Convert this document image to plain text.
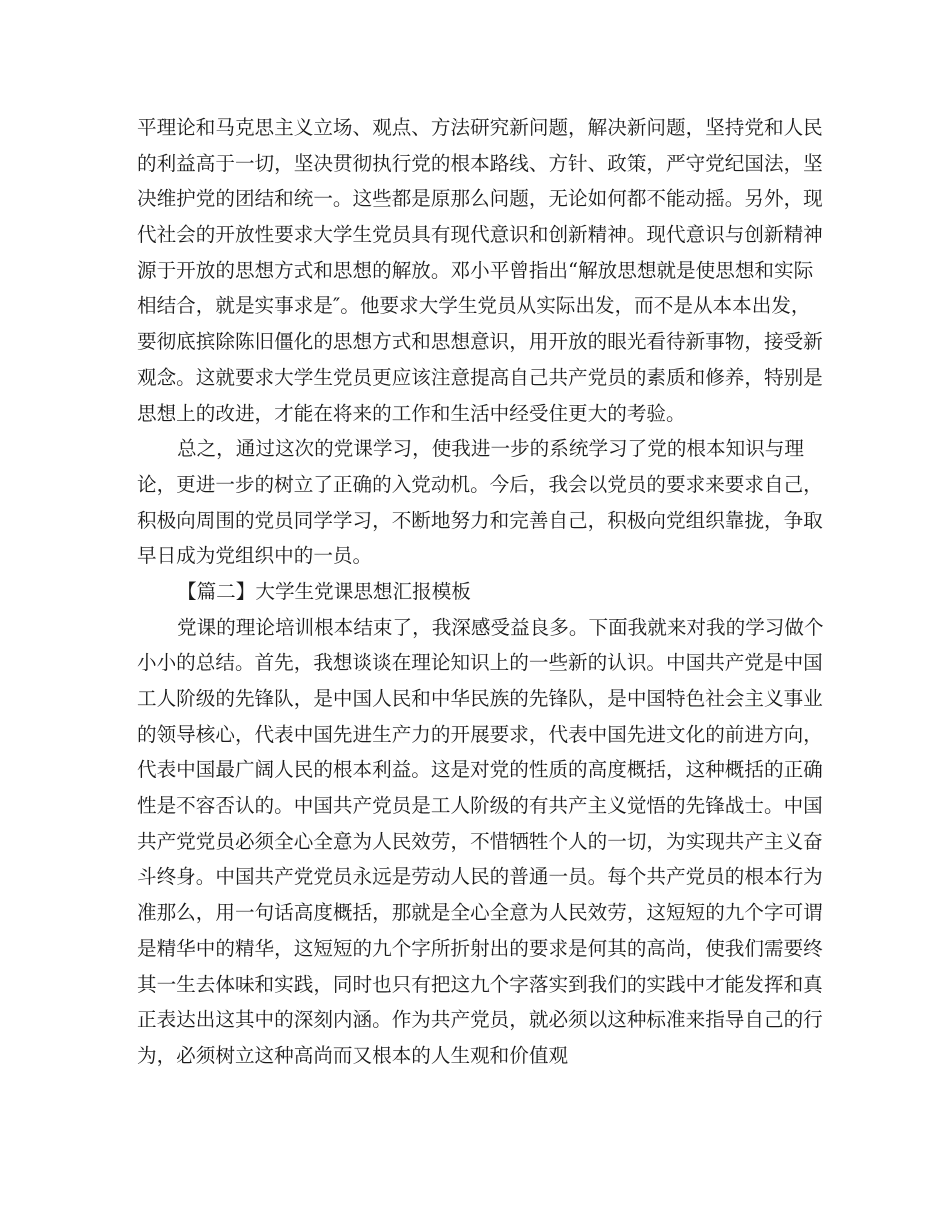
平理论和马克思主义立场、观点、方法研究新问题，解决新问题，坚持党和人民
的利益高于一切，坚决贯彻执行党的根本路线、方针、政策，严守党纪国法，坚
决维护党的团结和统一。这些都是原那么问题，无论如何都不能动摇。另外，现
代社会的开放性要求大学生党员具有现代意识和创新精神。现代意识与创新精神
源于开放的思想方式和思想的解放。邓小平曾指出“解放思想就是使思想和实际
相结合，就是实事求是″。他要求大学生党员从实际出发，而不是从本本出发，
要彻底摈除陈旧僵化的思想方式和思想意识，用开放的眼光看待新事物，接受新
观念。这就要求大学生党员更应该注意提高自己共产党员的素质和修养，特别是
思想上的改进，才能在将来的工作和生活中经受住更大的考验。
总之，通过这次的党课学习，使我进一步的系统学习了党的根本知识与理
论，更进一步的树立了正确的入党动机。今后，我会以党员的要求来要求自己，
积极向周围的党员同学学习，不断地努力和完善自己，积极向党组织靠拢，争取
早日成为党组织中的一员。
【篇二】大学生党课思想汇报模板
党课的理论培训根本结束了，我深感受益良多。下面我就来对我的学习做个
小小的总结。首先，我想谈谈在理论知识上的一些新的认识。中国共产党是中国
工人阶级的先锋队，是中国人民和中华民族的先锋队，是中国特色社会主义事业
的领导核心，代表中国先进生产力的开展要求，代表中国先进文化的前进方向，
代表中国最广阔人民的根本利益。这是对党的性质的高度概括，这种概括的正确
性是不容否认的。中国共产党员是工人阶级的有共产主义觉悟的先锋战士。中国
共产党党员必须全心全意为人民效劳，不惜牺牲个人的一切，为实现共产主义奋
斗终身。中国共产党党员永远是劳动人民的普通一员。每个共产党员的根本行为
准那么，用一句话高度概括，那就是全心全意为人民效劳，这短短的九个字可谓
是精华中的精华，这短短的九个字所折射出的要求是何其的高尚，使我们需要终
其一生去体味和实践，同时也只有把这九个字落实到我们的实践中才能发挥和真
正表达出这其中的深刻内涵。作为共产党员，就必须以这种标准来指导自己的行
为，必须树立这种高尚而又根本的人生观和价值观
